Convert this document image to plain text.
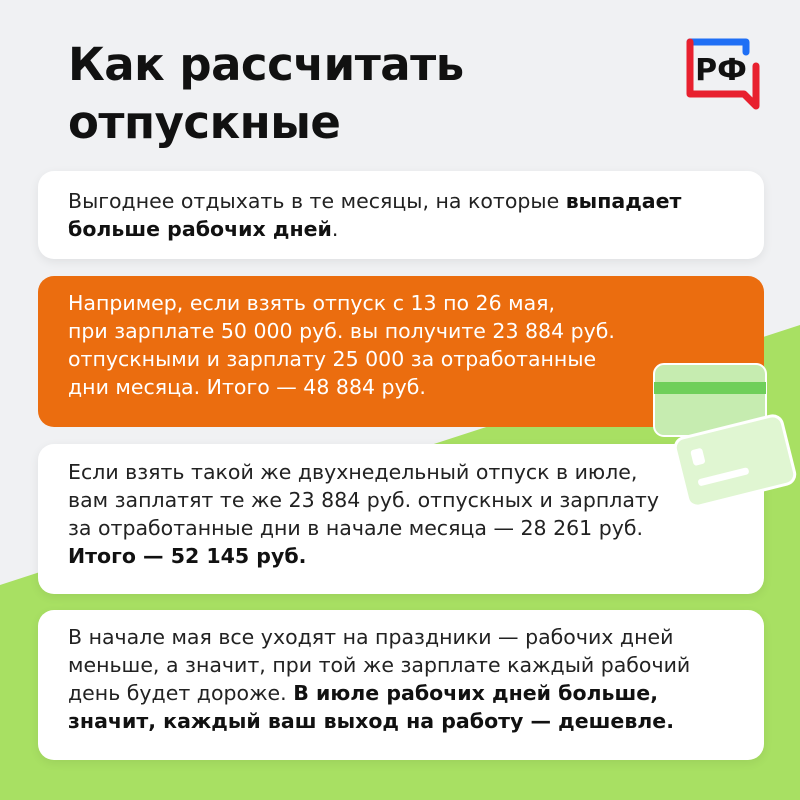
Как рассчитать
отпускные
РФ

Выгоднее отдыхать в те месяцы, на которые выпадает больше рабочих дней.

Например, если взять отпуск с 13 по 26 мая,

при зарплате 50 000 руб. вы получите 23 884 руб.

отпускными и зарплату 25 000 за отработанные

дни месяца. Итого — 48 884 руб.

Если взять такой же двухнедельный отпуск в июле,

вам заплатят те же 23 884 руб. отпускных и зарплату

за отработанные дни в начале месяца — 28 261 руб.

Итого — 52 145 руб.

В начале мая все уходят на праздники — рабочих дней

меньше, а значит, при той же зарплате каждый рабочий

день будет дороже. В июле рабочих дней больше,

значит, каждый ваш выход на работу — дешевле.
